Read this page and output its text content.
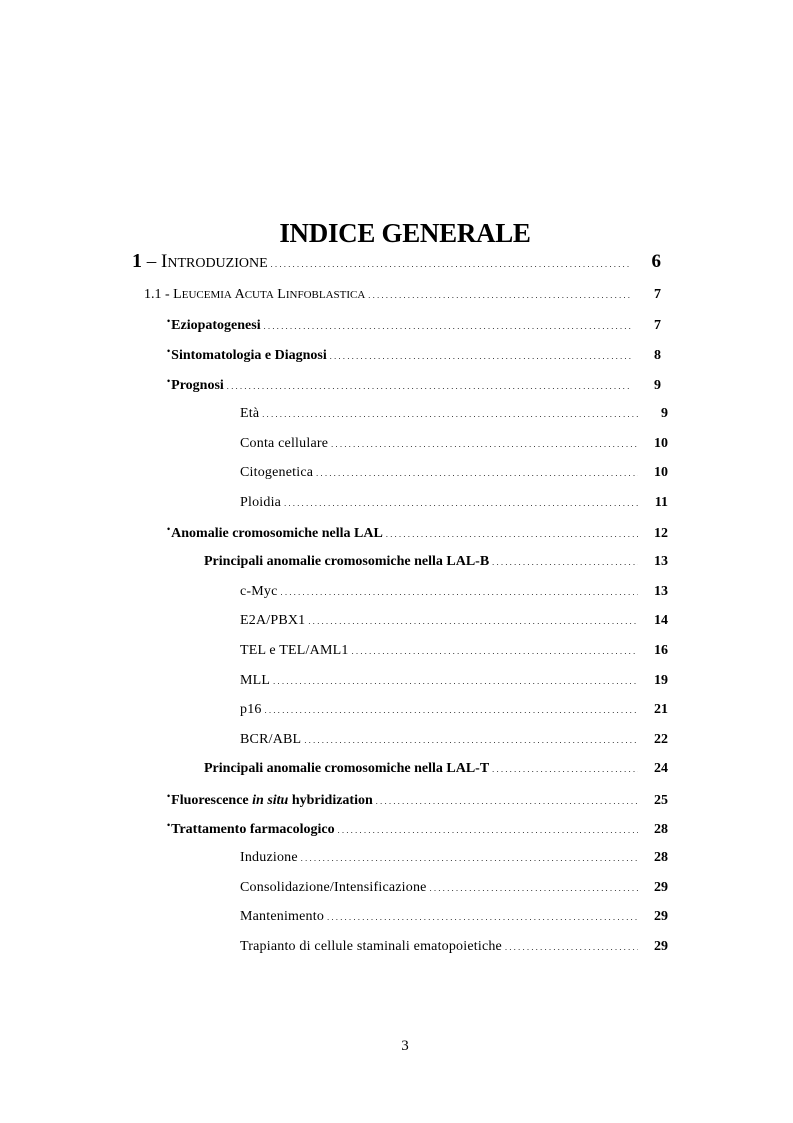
INDICE GENERALE
1 – INTRODUZIONE . . .	6
1.1 - LEUCEMIA ACUTA LINFOBLASTICA . . .	7
•Eziopatogenesi . . .	7
•Sintomatologia e Diagnosi . . .	8
•Prognosi . . .	9
Età . . .	9
Conta cellulare . . .	10
Citogenetica . . .	10
Ploidia . . .	11
•Anomalie cromosomiche nella LAL . . .	12
Principali anomalie cromosomiche nella LAL-B . . .	13
c-Myc . . .	13
E2A/PBX1 . . .	14
TEL e TEL/AML1 . . .	16
MLL . . .	19
p16 . . .	21
BCR/ABL . . .	22
Principali anomalie cromosomiche nella LAL-T . . .	24
•Fluorescence in situ hybridization . . .	25
•Trattamento farmacologico . . .	28
Induzione . . .	28
Consolidazione/Intensificazione . . .	29
Mantenimento . . .	29
Trapianto di cellule staminali ematopoietiche . . .	29
3
